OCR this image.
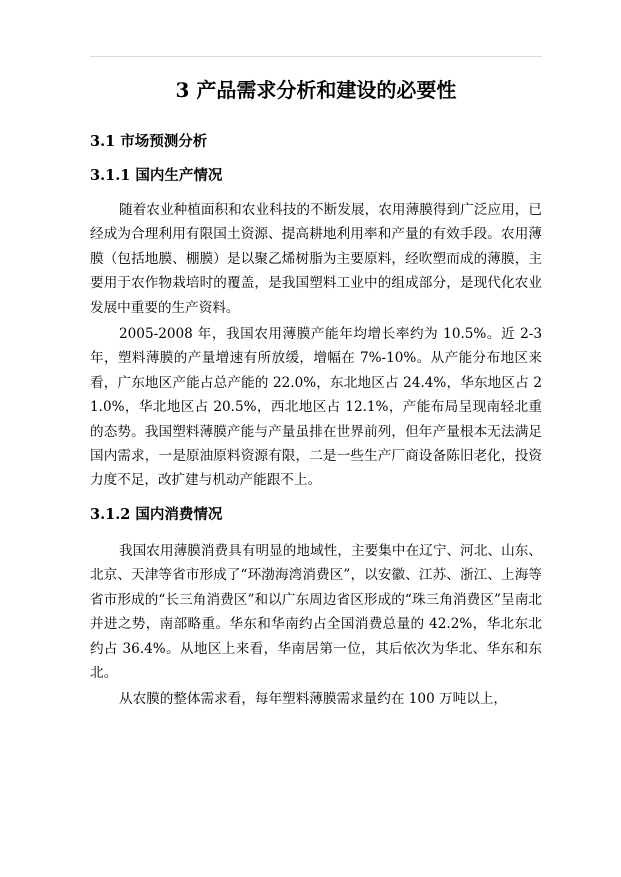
3 产品需求分析和建设的必要性
3.1 市场预测分析
3.1.1 国内生产情况

随着农业种植面积和农业科技的不断发展，农用薄膜得到广泛应用，已经成为合理利用有限国土资源、提高耕地利用率和产量的有效手段。农用薄膜（包括地膜、棚膜）是以聚乙烯树脂为主要原料，经吹塑而成的薄膜，主要用于农作物栽培时的覆盖，是我国塑料工业中的组成部分，是现代化农业发展中重要的生产资料。

2005-2008 年，我国农用薄膜产能年均增长率约为 10.5%。近 2-3 年，塑料薄膜的产量增速有所放缓，增幅在 7%-10%。从产能分布地区来看，广东地区产能占总产能的 22.0%，东北地区占 24.4%，华东地区占 21.0%，华北地区占 20.5%，西北地区占 12.1%，产能布局呈现南轻北重的态势。我国塑料薄膜产能与产量虽排在世界前列，但年产量根本无法满足国内需求，一是原油原料资源有限，二是一些生产厂商设备陈旧老化，投资力度不足，改扩建与机动产能跟不上。

3.1.2 国内消费情况

我国农用薄膜消费具有明显的地域性，主要集中在辽宁、河北、山东、北京、天津等省市形成了“环渤海湾消费区”，以安徽、江苏、浙江、上海等省市形成的“长三角消费区”和以广东周边省区形成的“珠三角消费区”呈南北并进之势，南部略重。华东和华南约占全国消费总量的 42.2%，华北东北约占 36.4%。从地区上来看，华南居第一位，其后依次为华北、华东和东北。

从农膜的整体需求看，每年塑料薄膜需求量约在 100 万吨以上，
